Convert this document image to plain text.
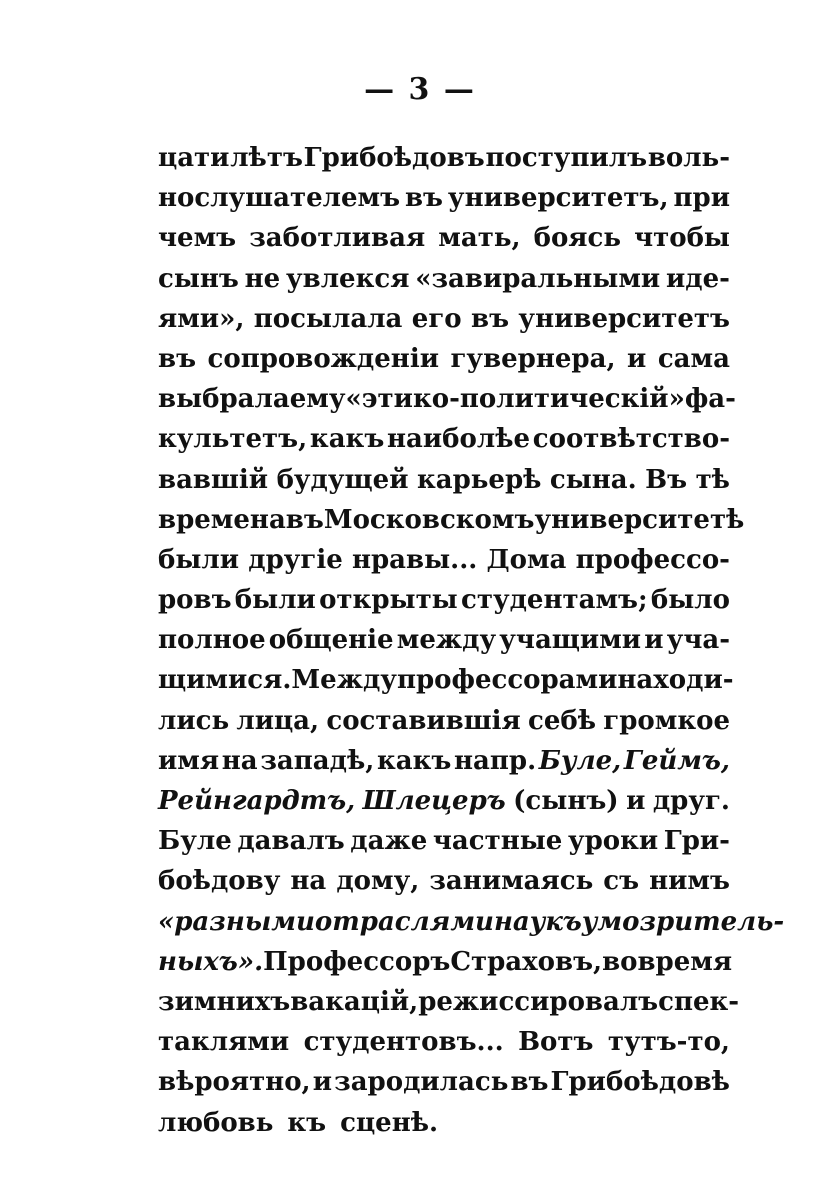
— 3 —
цати лѣтъ Грибоѣдовъ поступилъ воль-
нослушателемъ въ университетъ, при
чемъ заботливая мать, боясь чтобы
сынъ не увлекся «завиральными иде-
ями», посылала его въ университетъ
въ сопровожденiи гувернера, и сама
выбрала ему «этико-политическiй» фа-
культетъ, какъ наиболѣе соотвѣтство-
вавшiй будущей карьерѣ сына. Въ тѣ
времена въ Московскомъ университетѣ
были другiе нравы... Дома профессо-
ровъ были открыты студентамъ; было
полное общенiе между учащими и уча-
щимися. Между профессорами находи-
лись лица, составившiя себѣ громкое
имя на западѣ, какъ напр. Буле, Геймъ,
Рейнгардтъ, Шлецеръ (сынъ) и друг.
Буле давалъ даже частные уроки Гри-
боѣдову на дому, занимаясь съ нимъ
«разными отраслями наукъ умозритель-
ныхъ». Профессоръ Страховъ, во время
зимнихъ вакацiй, режиссировалъ спек-
таклями студентовъ... Вотъ тутъ-то,
вѣроятно, и зародилась въ Грибоѣдовѣ
любовь къ сценѣ.
